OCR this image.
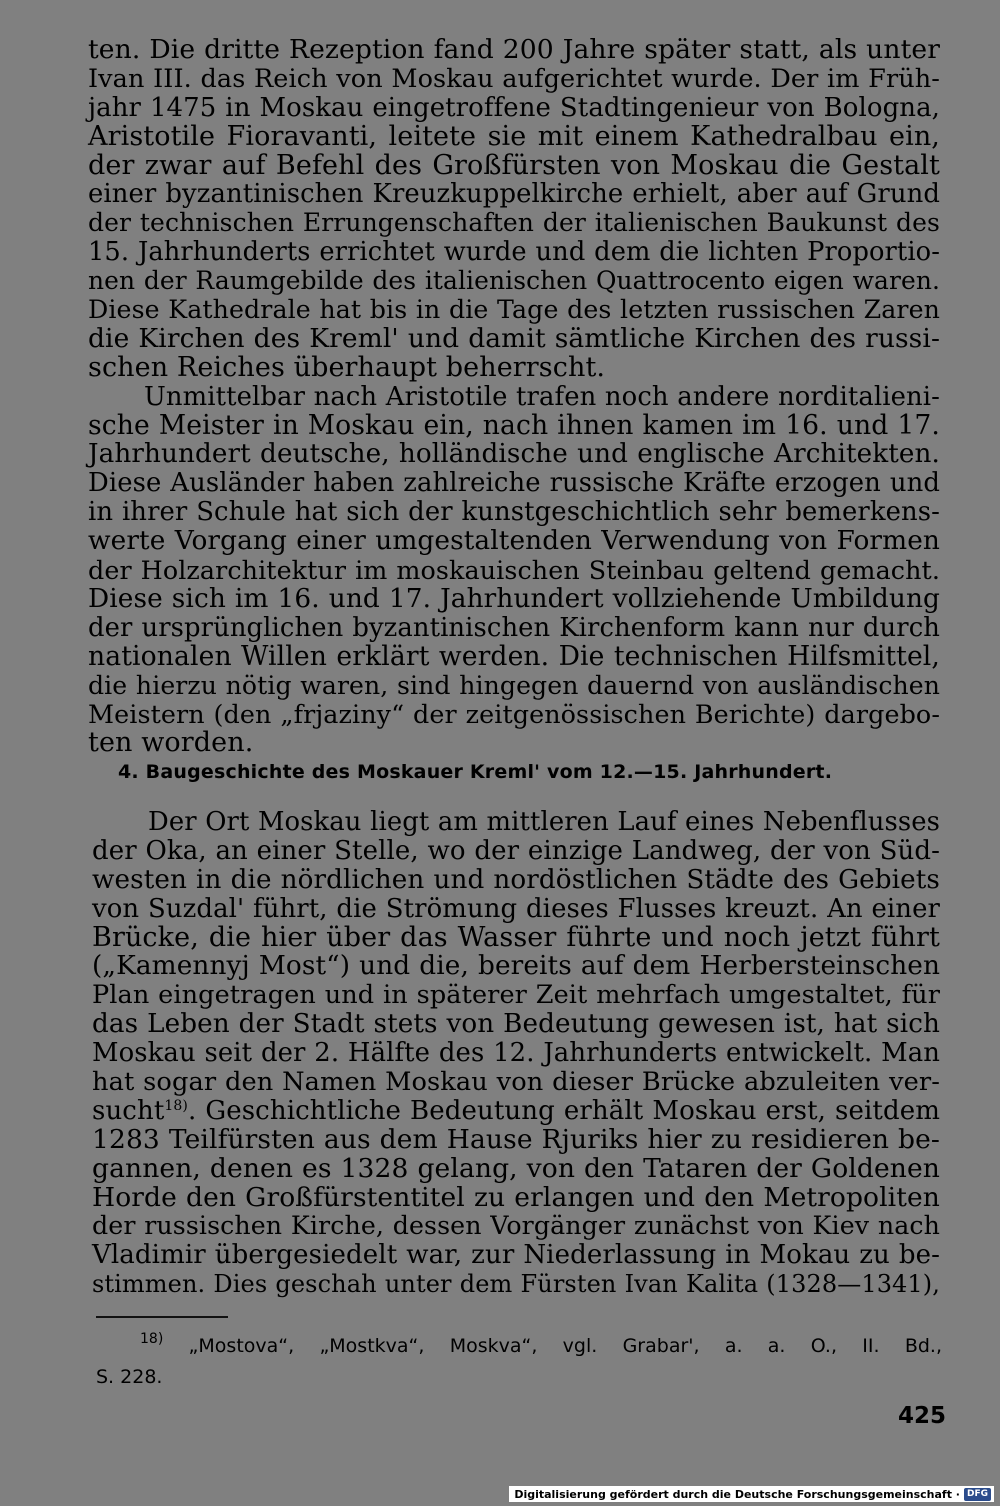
ten. Die dritte Rezeption fand 200 Jahre später statt, als unter
Ivan III. das Reich von Moskau aufgerichtet wurde. Der im Früh-
jahr 1475 in Moskau eingetroffene Stadtingenieur von Bologna,
Aristotile Fioravanti, leitete sie mit einem Kathedralbau ein,
der zwar auf Befehl des Großfürsten von Moskau die Gestalt
einer byzantinischen Kreuzkuppelkirche erhielt, aber auf Grund
der technischen Errungenschaften der italienischen Baukunst des
15. Jahrhunderts errichtet wurde und dem die lichten Proportio-
nen der Raumgebilde des italienischen Quattrocento eigen waren.
Diese Kathedrale hat bis in die Tage des letzten russischen Zaren
die Kirchen des Kreml' und damit sämtliche Kirchen des russi-
schen Reiches überhaupt beherrscht.
Unmittelbar nach Aristotile trafen noch andere norditalieni-
sche Meister in Moskau ein, nach ihnen kamen im 16. und 17.
Jahrhundert deutsche, holländische und englische Architekten.
Diese Ausländer haben zahlreiche russische Kräfte erzogen und
in ihrer Schule hat sich der kunstgeschichtlich sehr bemerkens-
werte Vorgang einer umgestaltenden Verwendung von Formen
der Holzarchitektur im moskauischen Steinbau geltend gemacht.
Diese sich im 16. und 17. Jahrhundert vollziehende Umbildung
der ursprünglichen byzantinischen Kirchenform kann nur durch
nationalen Willen erklärt werden. Die technischen Hilfsmittel,
die hierzu nötig waren, sind hingegen dauernd von ausländischen
Meistern (den „frjaziny“ der zeitgenössischen Berichte) dargebo-
ten worden.
4. Baugeschichte des Moskauer Kreml' vom 12.—15. Jahrhundert.
Der Ort Moskau liegt am mittleren Lauf eines Nebenflusses
der Oka, an einer Stelle, wo der einzige Landweg, der von Süd-
westen in die nördlichen und nordöstlichen Städte des Gebiets
von Suzdal' führt, die Strömung dieses Flusses kreuzt. An einer
Brücke, die hier über das Wasser führte und noch jetzt führt
(„Kamennyj Most“) und die, bereits auf dem Herbersteinschen
Plan eingetragen und in späterer Zeit mehrfach umgestaltet, für
das Leben der Stadt stets von Bedeutung gewesen ist, hat sich
Moskau seit der 2. Hälfte des 12. Jahrhunderts entwickelt. Man
hat sogar den Namen Moskau von dieser Brücke abzuleiten ver-
sucht$^{18)}$. Geschichtliche Bedeutung erhält Moskau erst, seitdem
1283 Teilfürsten aus dem Hause Rjuriks hier zu residieren be-
gannen, denen es 1328 gelang, von den Tataren der Goldenen
Horde den Großfürstentitel zu erlangen und den Metropoliten
der russischen Kirche, dessen Vorgänger zunächst von Kiev nach
Vladimir übergesiedelt war, zur Niederlassung in Mokau zu be-
stimmen. Dies geschah unter dem Fürsten Ivan Kalita (1328—1341),
$^{18)}$ „Mostova“, „Mostkva“, Moskva“, vgl. Grabar', a. a. O., II. Bd.,
S. 228.
425
Digitalisierung gefördert durch die Deutsche Forschungsgemeinschaft · DFG
